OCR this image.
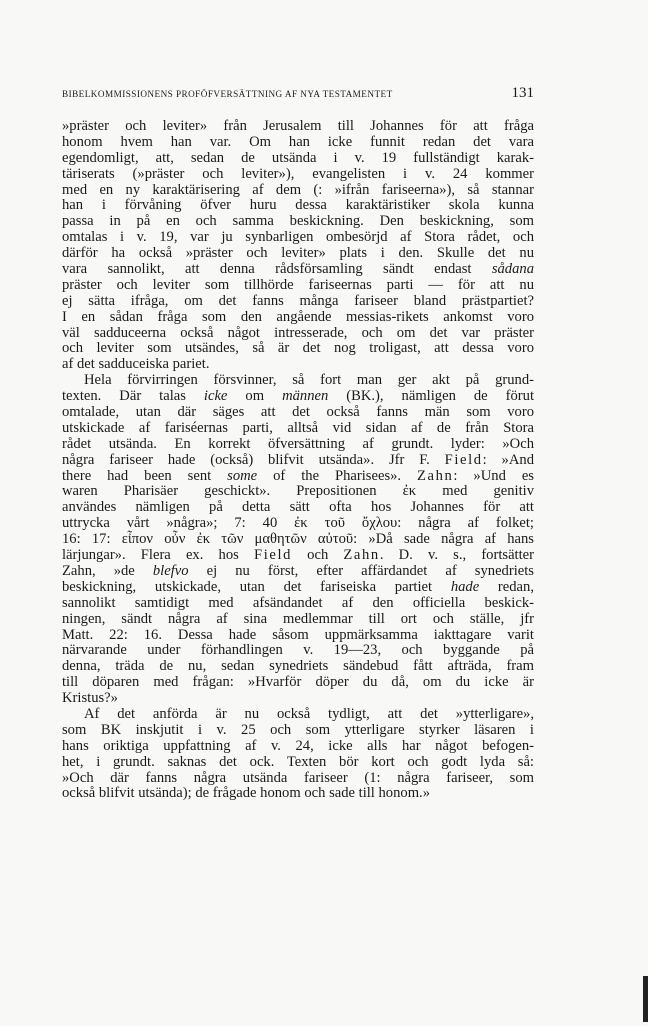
BIBELKOMMISSIONENS PROFÖFVERSÄTTNING AF NYA TESTAMENTET	131
»präster och leviter» från Jerusalem till Johannes för att fråga
honom hvem han var. Om han icke funnit redan det vara
egendomligt, att, sedan de utsända i v. 19 fullständigt karak-
täriserats (»präster och leviter»), evangelisten i v. 24 kommer
med en ny karaktärisering af dem (: »ifrån fariseerna»), så stannar
han i förvåning öfver huru dessa karaktäristiker skola kunna
passa in på en och samma beskickning. Den beskickning, som
omtalas i v. 19, var ju synbarligen ombesörjd af Stora rådet, och
därför ha också »präster och leviter» plats i den. Skulle det nu
vara sannolikt, att denna rådsförsamling sändt endast sådana
präster och leviter som tillhörde fariseernas parti — för att nu
ej sätta ifråga, om det fanns många fariseer bland prästpartiet?
I en sådan fråga som den angående messias-rikets ankomst voro
väl sadduceerna också något intresserade, och om det var präster
och leviter som utsändes, så är det nog troligast, att dessa voro
af det sadduceiska pariet.
Hela förvirringen försvinner, så fort man ger akt på grund-
texten. Där talas icke om männen (BK.), nämligen de förut
omtalade, utan där säges att det också fanns män som voro
utskickade af fariséernas parti, alltså vid sidan af de från Stora
rådet utsända. En korrekt öfversättning af grundt. lyder: »Och
några fariseer hade (också) blifvit utsända». Jfr F. Field: »And
there had been sent some of the Pharisees». Zahn: »Und es
waren Pharisäer geschickt». Prepositionen ἐκ med genitiv
användes nämligen på detta sätt ofta hos Johannes för att
uttrycka vårt »några»; 7: 40 ἐκ τοῦ ὄχλου: några af folket;
16: 17: εἶπον οὖν ἐκ τῶν μαθητῶν αὐτοῦ: »Då sade några af hans
lärjungar». Flera ex. hos Field och Zahn. D. v. s., fortsätter
Zahn, »de blefvo ej nu först, efter affärdandet af synedriets
beskickning, utskickade, utan det fariseiska partiet hade redan,
sannolikt samtidigt med afsändandet af den officiella beskick-
ningen, sändt några af sina medlemmar till ort och ställe, jfr
Matt. 22: 16. Dessa hade såsom uppmärksamma iakttagare varit
närvarande under förhandlingen v. 19—23, och byggande på
denna, träda de nu, sedan synedriets sändebud fått afträda, fram
till döparen med frågan: »Hvarför döper du då, om du icke är
Kristus?»
Af det anförda är nu också tydligt, att det »ytterligare»,
som BK inskjutit i v. 25 och som ytterligare styrker läsaren i
hans oriktiga uppfattning af v. 24, icke alls har något befogen-
het, i grundt. saknas det ock. Texten bör kort och godt lyda så:
»Och där fanns några utsända fariseer (1: några fariseer, som
också blifvit utsända); de frågade honom och sade till honom.»
